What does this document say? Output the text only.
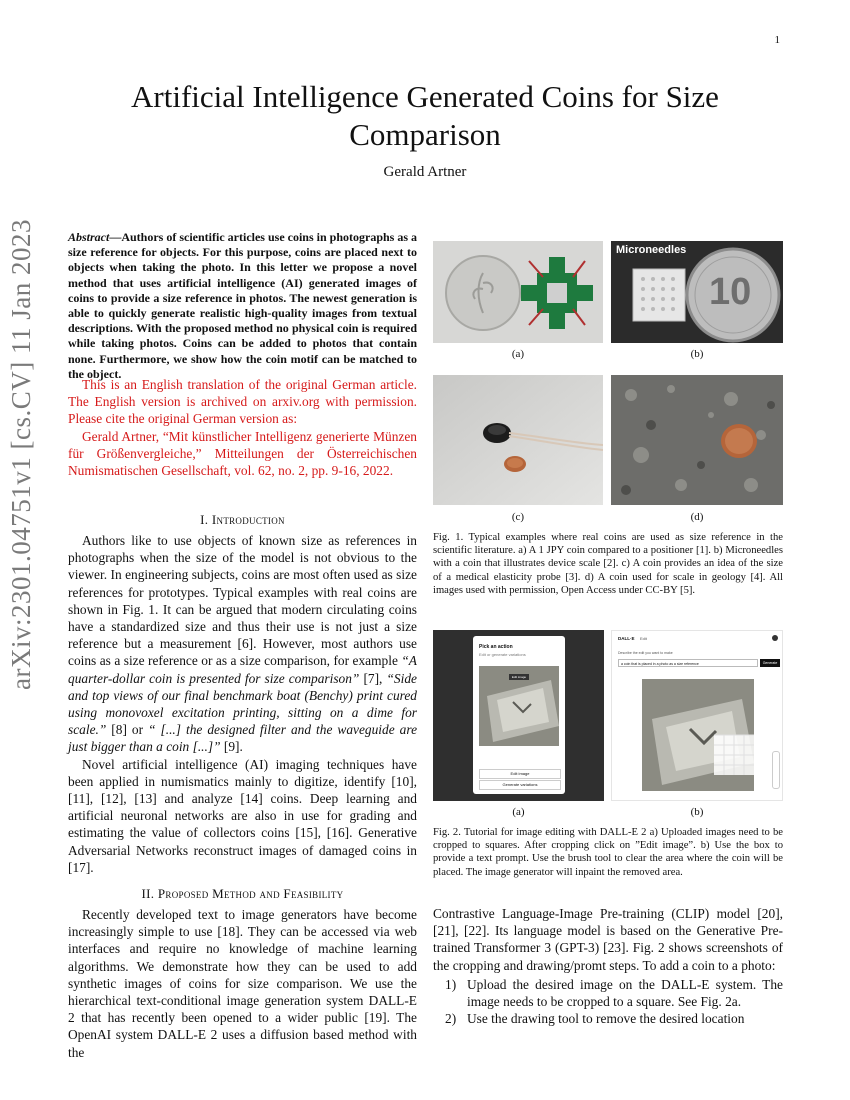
1
arXiv:2301.04751v1 [cs.CV] 11 Jan 2023
Artificial Intelligence Generated Coins for Size Comparison
Gerald Artner
Abstract—Authors of scientific articles use coins in photographs as a size reference for objects. For this purpose, coins are placed next to objects when taking the photo. In this letter we propose a novel method that uses artificial intelligence (AI) generated images of coins to provide a size reference in photos. The newest generation is able to quickly generate realistic high-quality images from textual descriptions. With the proposed method no physical coin is required while taking photos. Coins can be added to photos that contain none. Furthermore, we show how the coin motif can be matched to the object.

This is an English translation of the original German article. The English version is archived on arxiv.org with permission. Please cite the original German version as:

Gerald Artner, “Mit künstlicher Intelligenz generierte Münzen für Größenvergleiche,” Mitteilungen der Österreichischen Numismatischen Gesellschaft, vol. 62, no. 2, pp. 9-16, 2022.

I. Introduction

Authors like to use objects of known size as references in photographs when the size of the model is not obvious to the viewer. In engineering subjects, coins are most often used as size references for prototypes. Typical examples with real coins are shown in Fig. 1. It can be argued that modern circulating coins have a standardized size and thus their use is not just a size reference but a measurement [6]. However, most authors use coins as a size reference or as a size comparison, for example “A quarter-dollar coin is presented for size comparison” [7], “Side and top views of our final benchmark boat (Benchy) print cured using monovoxel excitation printing, sitting on a dime for scale.” [8] or “ [...] the designed filter and the waveguide are just bigger than a coin [...]” [9].

Novel artificial intelligence (AI) imaging techniques have been applied in numismatics mainly to digitize, identify [10], [11], [12], [13] and analyze [14] coins. Deep learning and artificial neuronal networks are also in use for grading and estimating the value of collectors coins [15], [16]. Generative Adversarial Networks reconstruct images of damaged coins in [17].

II. Proposed Method and Feasibility

Recently developed text to image generators have become increasingly simple to use [18]. They can be accessed via web interfaces and require no knowledge of machine learning algorithms. We demonstrate how they can be used to add synthetic images of coins for size comparison. We use the hierarchical text-conditional image generation system DALL-E 2 that has recently been opened to a wider public [19]. The OpenAI system DALL-E 2 uses a diffusion based method with the

Microneedles
10
(a)	(b)
(c)	(d)
Fig. 1. Typical examples where real coins are used as size reference in the scientific literature. a) A 1 JPY coin compared to a positioner [1]. b) Microneedles with a coin that illustrates device scale [2]. c) A coin provides an idea of the size of a medical elasticity probe [3]. d) A coin used for scale in geology [4]. All images used with permission, Open Access under CC-BY [5].
Pick an action
Edit or generate variations
Edit image
Edit image
Generate variations
DALL·E Edit
Describe the edit you want to make
a coin that is placed in a photo as a size reference	Generate
(a)	(b)
Fig. 2. Tutorial for image editing with DALL-E 2 a) Uploaded images need to be cropped to squares. After cropping click on ”Edit image”. b) Use the box to provide a text prompt. Use the brush tool to clear the area where the coin will be placed. The image generator will inpaint the removed area.

Contrastive Language-Image Pre-training (CLIP) model [20], [21], [22]. Its language model is based on the Generative Pre-trained Transformer 3 (GPT-3) [23]. Fig. 2 shows screenshots of the cropping and drawing/promt steps. To add a coin to a photo:

1) Upload the desired image on the DALL-E system. The image needs to be cropped to a square. See Fig. 2a.
2) Use the drawing tool to remove the desired location
